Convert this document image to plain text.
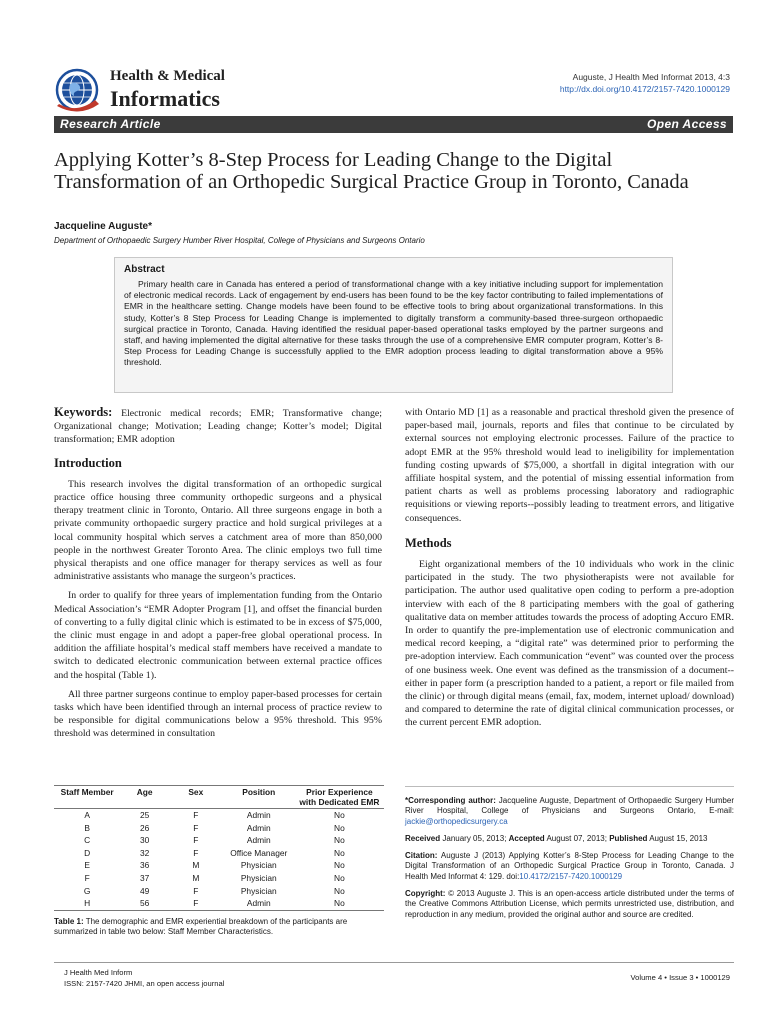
Health & Medical
Informatics
Auguste, J Health Med Informat 2013, 4:3
http://dx.doi.org/10.4172/2157-7420.1000129
Research Article	Open Access
Applying Kotter’s 8-Step Process for Leading Change to the Digital Transformation of an Orthopedic Surgical Practice Group in Toronto, Canada
Jacqueline Auguste*
Department of Orthopaedic Surgery Humber River Hospital, College of Physicians and Surgeons Ontario
Abstract

Primary health care in Canada has entered a period of transformational change with a key initiative including support for implementation of electronic medical records. Lack of engagement by end-users has been found to be the key factor contributing to failed implementations of EMR in the healthcare setting. Change models have been found to be effective tools to bring about organizational transformations. In this study, Kotter’s 8 Step Process for Leading Change is implemented to digitally transform a community-based three-surgeon orthopaedic surgical practice in Toronto, Canada. Having identified the residual paper-based operational tasks employed by the partner surgeons and staff, and having implemented the digital alternative for these tasks through the use of a comprehensive EMR computer program, Kotter’s 8-Step Process for Leading Change is successfully applied to the EMR adoption process leading to digital transformation above a 95% threshold.

Keywords: Electronic medical records; EMR; Transformative change; Organizational change; Motivation; Leading change; Kotter’s model; Digital transformation; EMR adoption

Introduction

This research involves the digital transformation of an orthopedic surgical practice office housing three community orthopedic surgeons and a physical therapy treatment clinic in Toronto, Ontario. All three surgeons engage in both a private community orthopaedic surgery practice and hold surgical privileges at a local community hospital which serves a catchment area of more than 850,000 people in the northwest Greater Toronto Area. The clinic employs two full time physical therapists and one office manager for therapy services as well as four administrative assistants who manage the surgeon’s practices.

In order to qualify for three years of implementation funding from the Ontario Medical Association’s “EMR Adopter Program [1], and offset the financial burden of converting to a fully digital clinic which is estimated to be in excess of $75,000, the clinic must engage in and adopt a paper-free global operational process. In addition the affiliate hospital’s medical staff members have received a mandate to switch to dedicated electronic communication between external practice offices and the hospital (Table 1).

All three partner surgeons continue to employ paper-based processes for certain tasks which have been identified through an internal process of practice review to be responsible for digital communications below a 95% threshold. This 95% threshold was determined in consultation

with Ontario MD [1] as a reasonable and practical threshold given the presence of paper-based mail, journals, reports and files that continue to be circulated by external sources not employing electronic processes. Failure of the practice to adopt EMR at the 95% threshold would lead to ineligibility for implementation funding costing upwards of $75,000, a shortfall in digital integration with our affiliate hospital system, and the potential of missing essential information from patient charts as well as problems processing laboratory and radiographic requisitions or viewing reports--possibly leading to treatment errors, and litigative consequences.

Methods

Eight organizational members of the 10 individuals who work in the clinic participated in the study. The two physiotherapists were not available for participation. The author used qualitative open coding to perform a pre-adoption interview with each of the 8 participating members with the goal of gathering qualitative data on member attitudes towards the process of adopting Accuro EMR. In order to quantify the pre-implementation use of electronic communication and medical record keeping, a “digital rate” was determined prior to performing the pre-adoption interview. Each communication “event” was counted over the process of one business week. One event was defined as the transmission of a document--either in paper form (a prescription handed to a patient, a report or file mailed from the clinic) or through digital means (email, fax, modem, internet upload/ download) and compared to determine the rate of digital clinical communication processes, or the current percent EMR adoption.

Staff Member	Age	Sex	Position	Prior Experience with Dedicated EMR
A	25	F	Admin	No
B	26	F	Admin	No
C	30	F	Admin	No
D	32	F	Office Manager	No
E	36	M	Physician	No
F	37	M	Physician	No
G	49	F	Physician	No
H	56	F	Admin	No
Table 1: The demographic and EMR experiential breakdown of the participants are summarized in table two below: Staff Member Characteristics.

*Corresponding author: Jacqueline Auguste, Department of Orthopaedic Surgery Humber River Hospital, College of Physicians and Surgeons Ontario, E-mail: jackie@orthopedicsurgery.ca

Received January 05, 2013; Accepted August 07, 2013; Published August 15, 2013

Citation: Auguste J (2013) Applying Kotter’s 8-Step Process for Leading Change to the Digital Transformation of an Orthopedic Surgical Practice Group in Toronto, Canada. J Health Med Informat 4: 129. doi:10.4172/2157-7420.1000129

Copyright: © 2013 Auguste J. This is an open-access article distributed under the terms of the Creative Commons Attribution License, which permits unrestricted use, distribution, and reproduction in any medium, provided the original author and source are credited.

J Health Med Inform
ISSN: 2157-7420 JHMI, an open access journal
Volume 4 • Issue 3 • 1000129
